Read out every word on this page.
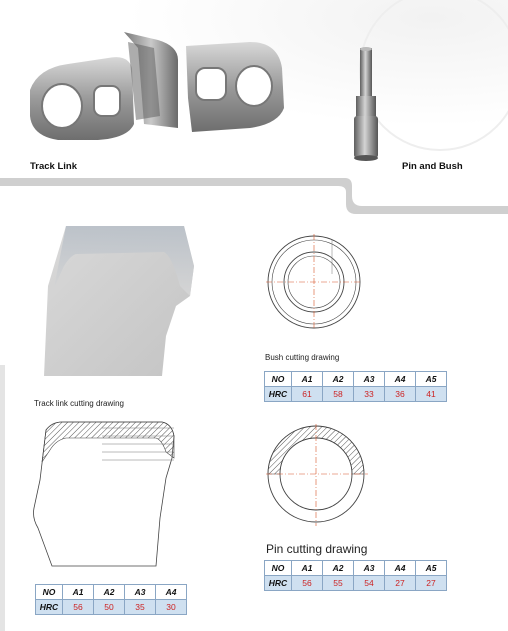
Track Link	Pin and Bush
Track link cutting drawing
NO	A1	A2	A3	A4
HRC	56	50	35	30
Bush cutting drawing
NO	A1	A2	A3	A4	A5
HRC	61	58	33	36	41
Pin cutting drawing
NO	A1	A2	A3	A4	A5
HRC	56	55	54	27	27
